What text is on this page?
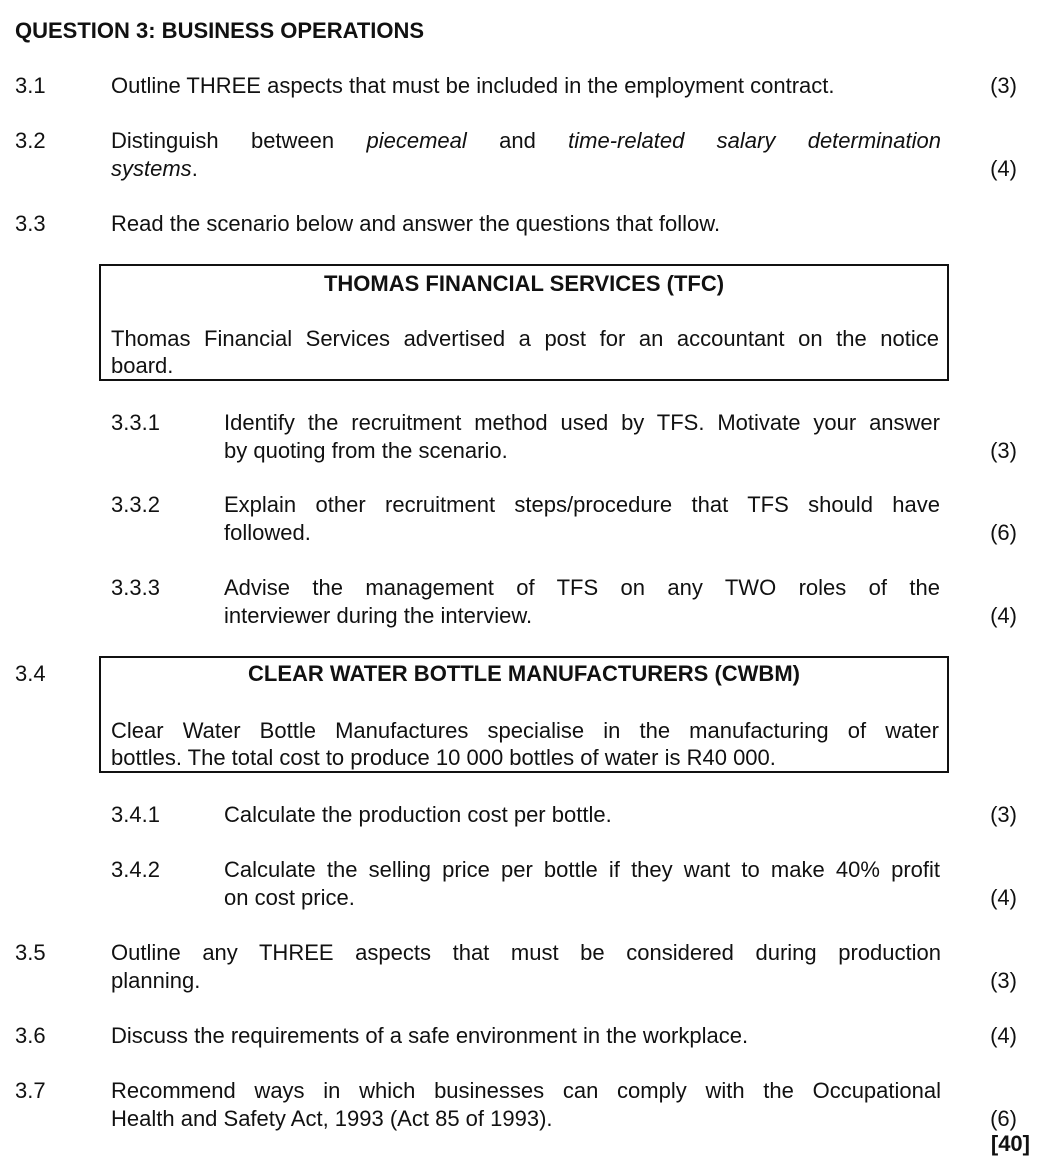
QUESTION 3: BUSINESS OPERATIONS
3.1	Outline THREE aspects that must be included in the employment contract.	(3)
3.2	Distinguish between piecemeal and time-related salary determination
systems.	(4)
3.3	Read the scenario below and answer the questions that follow.
THOMAS FINANCIAL SERVICES (TFC)
Thomas Financial Services advertised a post for an accountant on the notice
board.
3.3.1	Identify the recruitment method used by TFS. Motivate your answer
by quoting from the scenario.	(3)
3.3.2	Explain other recruitment steps/procedure that TFS should have
followed.	(6)
3.3.3	Advise the management of TFS on any TWO roles of the
interviewer during the interview.	(4)
3.4	CLEAR WATER BOTTLE MANUFACTURERS (CWBM)
Clear Water Bottle Manufactures specialise in the manufacturing of water
bottles. The total cost to produce 10 000 bottles of water is R40 000.
3.4.1	Calculate the production cost per bottle.	(3)
3.4.2	Calculate the selling price per bottle if they want to make 40% profit
on cost price.	(4)
3.5	Outline any THREE aspects that must be considered during production
planning.	(3)
3.6	Discuss the requirements of a safe environment in the workplace.	(4)
3.7	Recommend ways in which businesses can comply with the Occupational
Health and Safety Act, 1993 (Act 85 of 1993).	(6)
[40]
